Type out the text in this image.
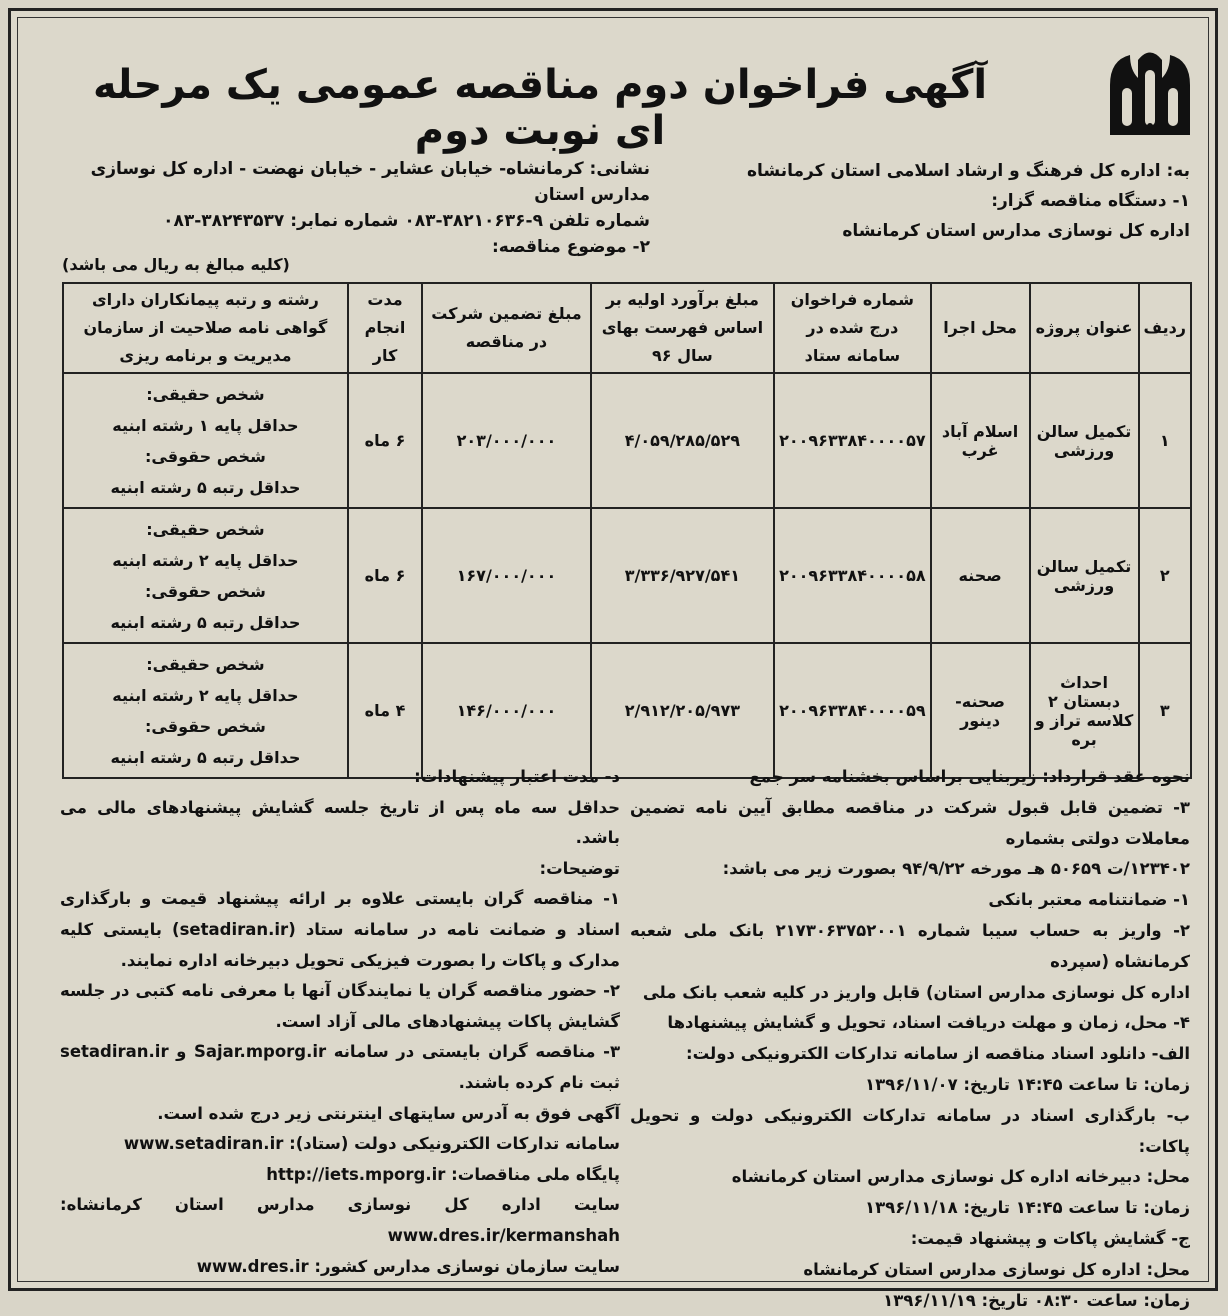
آگهی فراخوان دوم مناقصه عمومی یک مرحله ای نوبت دوم
به: اداره کل فرهنگ و ارشاد اسلامی استان کرمانشاه
۱- دستگاه مناقصه گزار:
اداره کل نوسازی مدارس استان کرمانشاه
نشانی: کرمانشاه- خیابان عشایر - خیابان نهضت - اداره کل نوسازی مدارس استان
شماره تلفن ۹-۳۸۲۱۰۶۳۶-۰۸۳ شماره نمابر: ۳۸۲۴۳۵۳۷-۰۸۳
۲- موضوع مناقصه:
(کلیه مبالغ به ریال می باشد)
ردیف	عنوان پروژه	محل اجرا	شماره فراخوان درج شده در سامانه ستاد	مبلغ برآورد اولیه بر اساس فهرست بهای سال ۹۶	مبلغ تضمین شرکت در مناقصه	مدت انجام کار	رشته و رتبه پیمانکاران دارای گواهی نامه صلاحیت از سازمان مدیریت و برنامه ریزی
۱	تکمیل سالن ورزشی	اسلام آباد غرب	۲۰۰۹۶۳۳۸۴۰۰۰۰۵۷	۴/۰۵۹/۲۸۵/۵۲۹	۲۰۳/۰۰۰/۰۰۰	۶ ماه	شخص حقیقی:
حداقل پایه ۱ رشته ابنیه
شخص حقوقی:
حداقل رتبه ۵ رشته ابنیه

۲	تکمیل سالن ورزشی	صحنه	۲۰۰۹۶۳۳۸۴۰۰۰۰۵۸	۳/۳۳۶/۹۲۷/۵۴۱	۱۶۷/۰۰۰/۰۰۰	۶ ماه	شخص حقیقی:
حداقل پایه ۲ رشته ابنیه
شخص حقوقی:
حداقل رتبه ۵ رشته ابنیه

۳	احداث دبستان ۲ کلاسه تراز و بره	صحنه-دینور	۲۰۰۹۶۳۳۸۴۰۰۰۰۵۹	۲/۹۱۲/۲۰۵/۹۷۳	۱۴۶/۰۰۰/۰۰۰	۴ ماه	شخص حقیقی:
حداقل پایه ۲ رشته ابنیه
شخص حقوقی:
حداقل رتبه ۵ رشته ابنیه

نحوه عقد قرارداد: زیربنایی براساس بخشنامه سر جمع

۳- تضمین قابل قبول شرکت در مناقصه مطابق آیین نامه تضمین معاملات دولتی بشماره

۱۲۳۴۰۲/ت ۵۰۶۵۹ هـ مورخه ۹۴/۹/۲۲ بصورت زیر می باشد:

۱- ضمانتنامه معتبر بانکی

۲- واریز به حساب سیبا شماره ۲۱۷۳۰۶۳۷۵۲۰۰۱ بانک ملی شعبه کرمانشاه (سپرده

اداره کل نوسازی مدارس استان) قابل واریز در کلیه شعب بانک ملی

۴- محل، زمان و مهلت دریافت اسناد، تحویل و گشایش پیشنهادها

الف- دانلود اسناد مناقصه از سامانه تدارکات الکترونیکی دولت:

زمان: تا ساعت ۱۴:۴۵ تاریخ: ۱۳۹۶/۱۱/۰۷

ب- بارگذاری اسناد در سامانه تدارکات الکترونیکی دولت و تحویل پاکات:

محل: دبیرخانه اداره کل نوسازی مدارس استان کرمانشاه

زمان: تا ساعت ۱۴:۴۵ تاریخ: ۱۳۹۶/۱۱/۱۸

ج- گشایش پاکات و پیشنهاد قیمت:

محل: اداره کل نوسازی مدارس استان کرمانشاه

زمان: ساعت ۰۸:۳۰ تاریخ: ۱۳۹۶/۱۱/۱۹

د- مدت اعتبار پیشنهادات:

حداقل سه ماه پس از تاریخ جلسه گشایش پیشنهادهای مالی می باشد.

توضیحات:

۱- مناقصه گران بایستی علاوه بر ارائه پیشنهاد قیمت و بارگذاری اسناد و ضمانت نامه در سامانه ستاد (setadiran.ir) بایستی کلیه مدارک و پاکات را بصورت فیزیکی تحویل دبیرخانه اداره نمایند.

۲- حضور مناقصه گران یا نمایندگان آنها با معرفی نامه کتبی در جلسه گشایش پاکات پیشنهادهای مالی آزاد است.

۳- مناقصه گران بایستی در سامانه Sajar.mporg.ir و setadiran.ir ثبت نام کرده باشند.

آگهی فوق به آدرس سایتهای اینترنتی زیر درج شده است.

سامانه تدارکات الکترونیکی دولت (ستاد): www.setadiran.ir

پایگاه ملی مناقصات: http://iets.mporg.ir

سایت اداره کل نوسازی مدارس استان کرمانشاه: www.dres.ir/kermanshah

سایت سازمان نوسازی مدارس کشور: www.dres.ir
